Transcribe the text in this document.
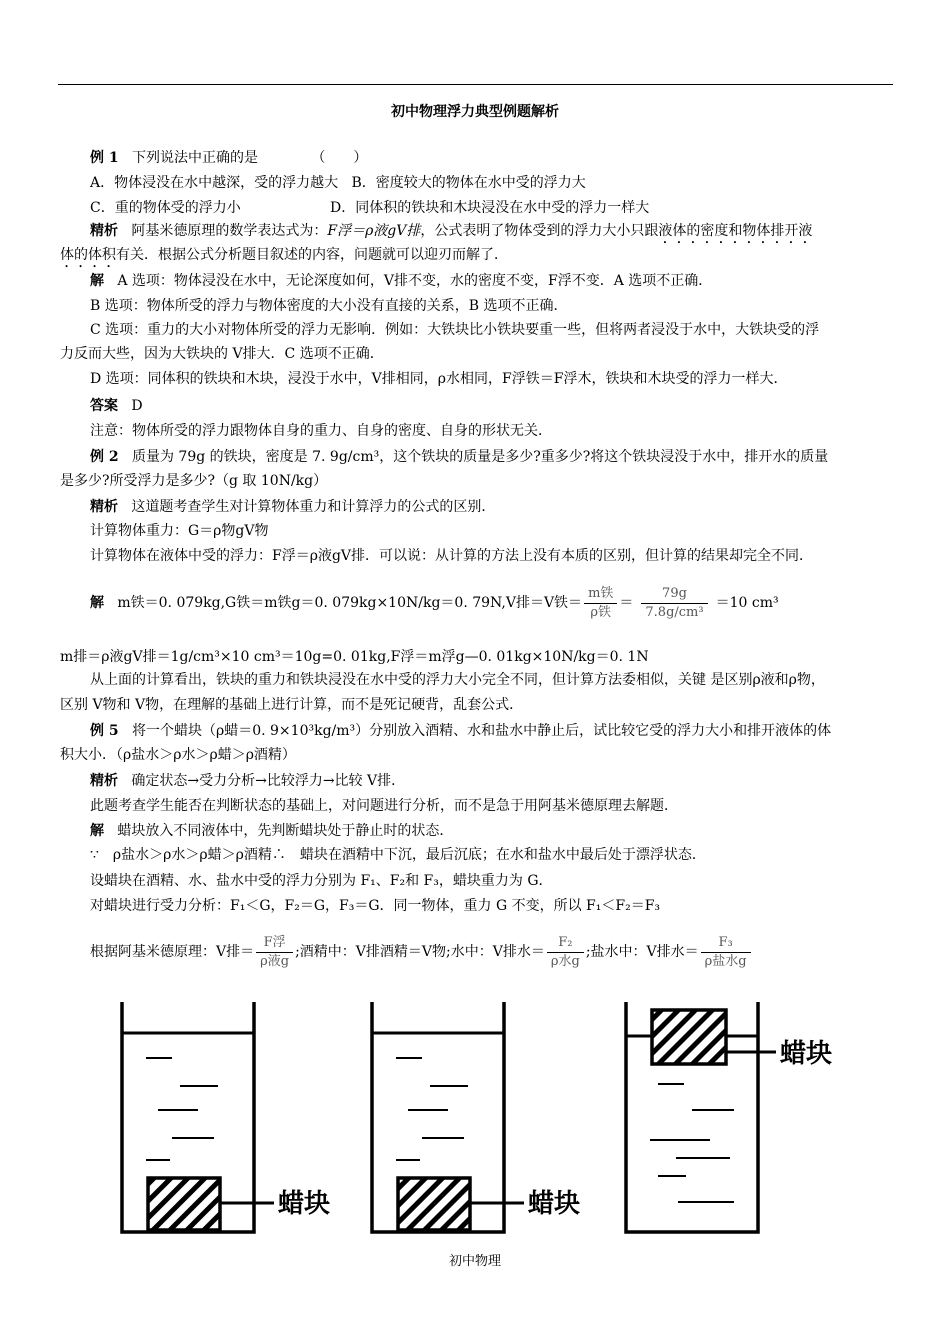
初中物理浮力典型例题解析
例 1 下列说法中正确的是	（　　）
A．物体浸没在水中越深，受的浮力越大 B．密度较大的物体在水中受的浮力大
C．重的物体受的浮力小	D．同体积的铁块和木块浸没在水中受的浮力一样大
精析 阿基米德原理的数学表达式为：F浮＝ρ液gV排，公式表明了物体受到的浮力大小只跟液体的密度和物体排开液
体的体积有关．根据公式分析题目叙述的内容，问题就可以迎刃而解了．
解 A 选项：物体浸没在水中，无论深度如何，V排不变，水的密度不变，F浮不变．A 选项不正确．
B 选项：物体所受的浮力与物体密度的大小没有直接的关系，B 选项不正确．
C 选项：重力的大小对物体所受的浮力无影响．例如：大铁块比小铁块要重一些，但将两者浸没于水中，大铁块受的浮
力反而大些，因为大铁块的 V排大．C 选项不正确．
D 选项：同体积的铁块和木块，浸没于水中，V排相同，ρ水相同，F浮铁＝F浮木，铁块和木块受的浮力一样大．
答案 D
注意：物体所受的浮力跟物体自身的重力、自身的密度、自身的形状无关．
例 2 质量为 79g 的铁块，密度是 7. 9g/cm³，这个铁块的质量是多少?重多少?将这个铁块浸没于水中，排开水的质量
是多少?所受浮力是多少?（g 取 10N/kg）
精析 这道题考查学生对计算物体重力和计算浮力的公式的区别．
计算物体重力：G＝ρ物gV物
计算物体在液体中受的浮力：F浮＝ρ液gV排．可以说：从计算的方法上没有本质的区别，但计算的结果却完全不同．
解 m铁＝0. 079kg,G铁＝m铁g＝0. 079kg×10N/kg＝0. 79N,V排＝V铁＝ $\frac{\text{m铁}}{\text{ρ铁}} = \frac{79g}{\text{7.8g/cm³}} =10$ cm³
m排＝ρ液gV排＝1g/cm³×10 cm³＝10g=0. 01kg,F浮＝m浮g—0. 01kg×10N/kg＝0. 1N
从上面的计算看出，铁块的重力和铁块浸没在水中受的浮力大小完全不同，但计算方法委相似，关键 是区别ρ液和ρ物，
区别 V物和 V物，在理解的基础上进行计算，而不是死记硬背，乱套公式．
例 5 将一个蜡块（ρ蜡＝0. 9×10³kg/m³）分别放入酒精、水和盐水中静止后，试比较它受的浮力大小和排开液体的体
积大小．（ρ盐水＞ρ水＞ρ蜡＞ρ酒精）
精析 确定状态→受力分析→比较浮力→比较 V排．
此题考查学生能否在判断状态的基础上，对问题进行分析，而不是急于用阿基米德原理去解题．
解 蜡块放入不同液体中，先判断蜡块处于静止时的状态．
∵　ρ盐水＞ρ水＞ρ蜡＞ρ酒精∴　蜡块在酒精中下沉，最后沉底；在水和盐水中最后处于漂浮状态．
设蜡块在酒精、水、盐水中受的浮力分别为 F₁、F₂和 F₃，蜡块重力为 G．
对蜡块进行受力分析：F₁＜G，F₂＝G，F₃＝G．同一物体，重力 G 不变，所以 F₁＜F₂＝F₃
根据阿基米德原理：V排＝ $\frac{\text{F浮}}{\text{ρ液g}}$ ;酒精中：V排酒精＝V物;水中：V排水＝ $\frac{\text{F₂}}{\text{ρ水g}}$ ;盐水中：V排水＝ $\frac{\text{F₃}}{\text{ρ盐水g}}$
蜡块	蜡块
蜡块
初中物理
